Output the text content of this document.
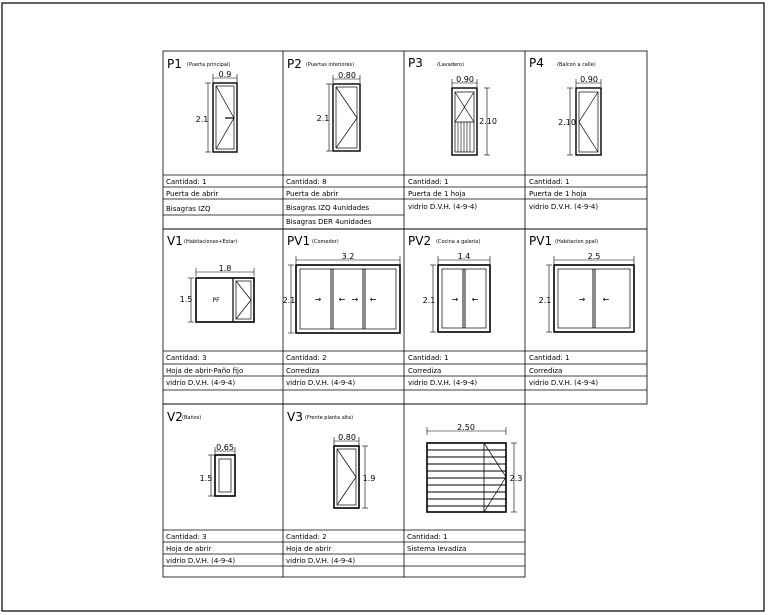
P1 (Puerta principal)
0.9
2.1
Cantidad: 1
Puerta de abrir
Bisagras IZQ
P2 (Puertas interiores)
0.80
2.1
Cantidad: 8
Puerta de abrir
Bisagras IZQ 4unidades
Bisagras DER 4unidades
P3	(Lavadero)
0.90
2.10
Cantidad: 1
Puerta de 1 hoja
vidrio D.V.H. (4-9-4)
P4	(Balcon a calle)
0.90
2.10
Cantidad: 1
Puerta de 1 hoja
vidrio D.V.H. (4-9-4)
V1 (Habitaciones+Estar)
1.8
1.5	PF
Cantidad: 3
Hoja de abrir-Paño fijo
vidrio D.V.H. (4-9-4)
PV1 (Comedor)
→ ← → ←
3.2
2.1
Cantidad: 2
Corrediza
vidrio D.V.H. (4-9-4)
PV2 (Cocina a galeria)
→ ←
1.4
2.1
Cantidad: 1
Corrediza
vidrio D.V.H. (4-9-4)
PV1 (Habitacion ppal)
→ ←
2.5
2.1
Cantidad: 1
Corrediza
vidrio D.V.H. (4-9-4)
V2 (Baños)
0.65
1.5
Cantidad: 3
Hoja de abrir
vidrio D.V.H. (4-9-4)
V3 (Frente planta alta)
0.80
1.9
Cantidad: 2
Hoja de abrir
vidrio D.V.H. (4-9-4)
2.50
2.3
Cantidad: 1
Sistema levadiza
